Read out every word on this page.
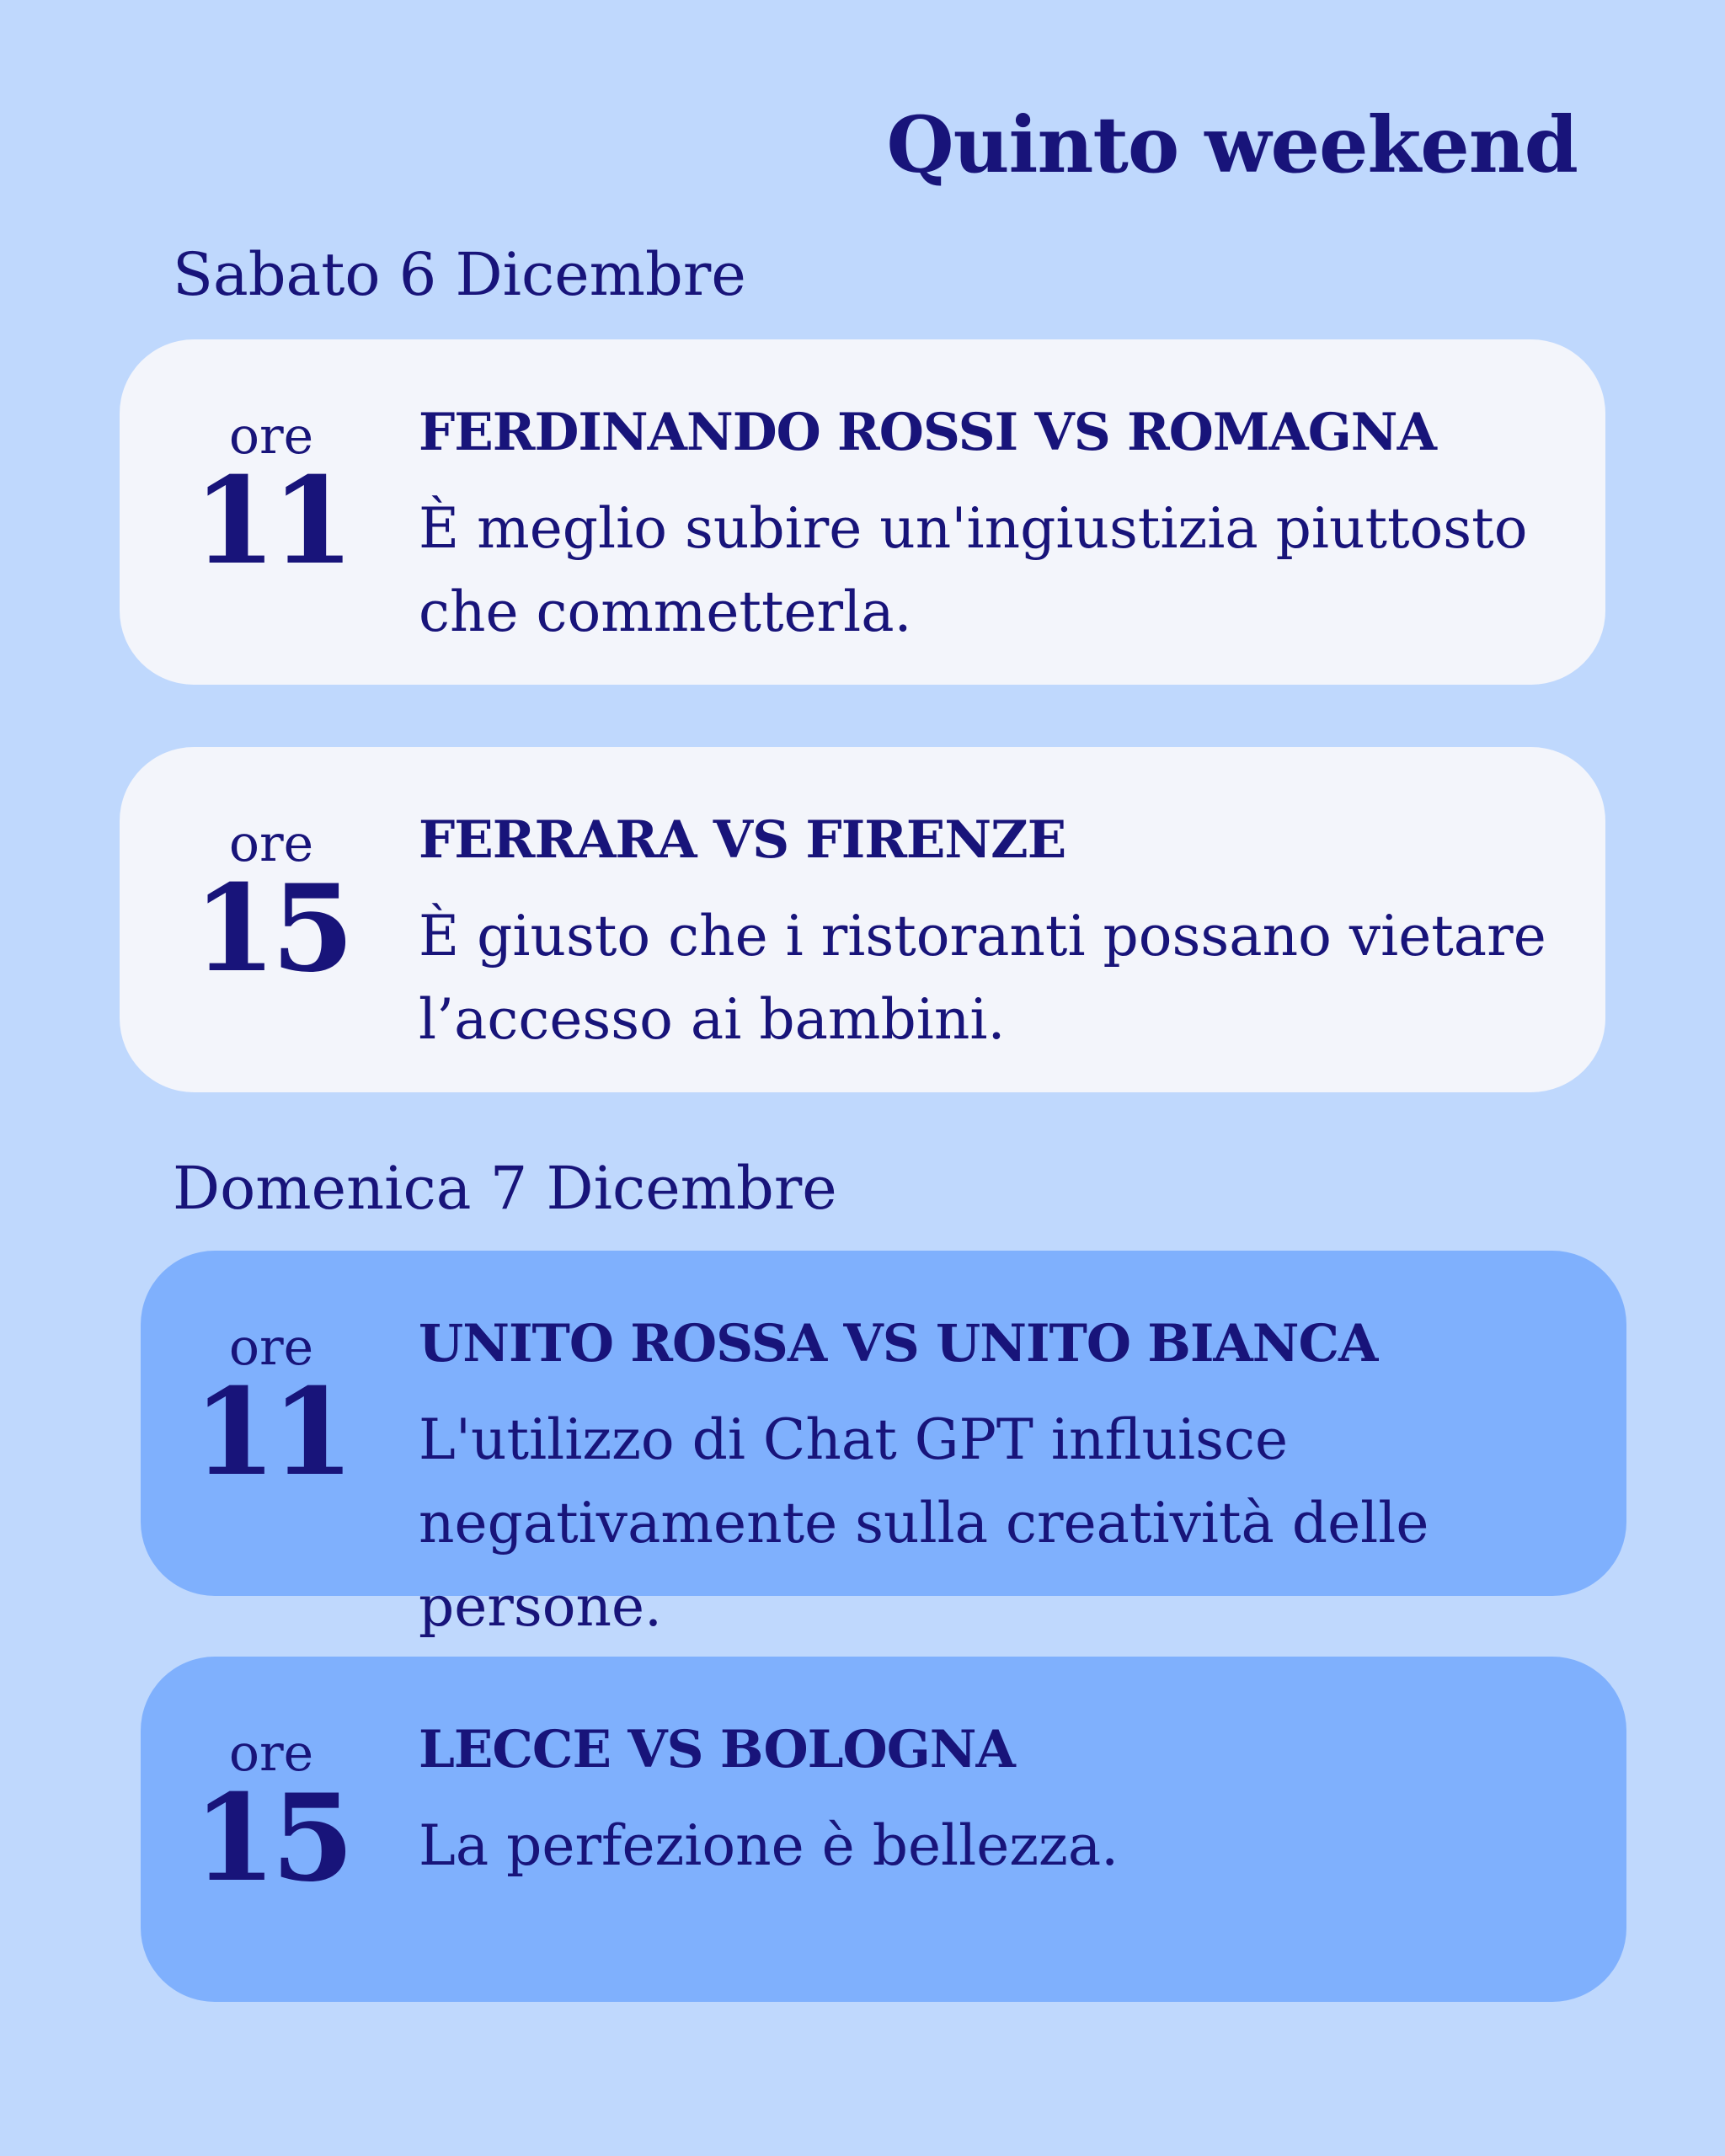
Quinto weekend
Sabato 6 Dicembre
ore
11
FERDINANDO ROSSI VS ROMAGNA
È meglio subire un'ingiustizia piuttosto che commetterla.
ore
15
FERRARA VS FIRENZE
È giusto che i ristoranti possano vietare l’accesso ai bambini.
Domenica 7 Dicembre
ore
11
UNITO ROSSA VS UNITO BIANCA
L'utilizzo di Chat GPT influisce negativamente sulla creatività delle persone.
ore
15
LECCE VS BOLOGNA
La perfezione è bellezza.
